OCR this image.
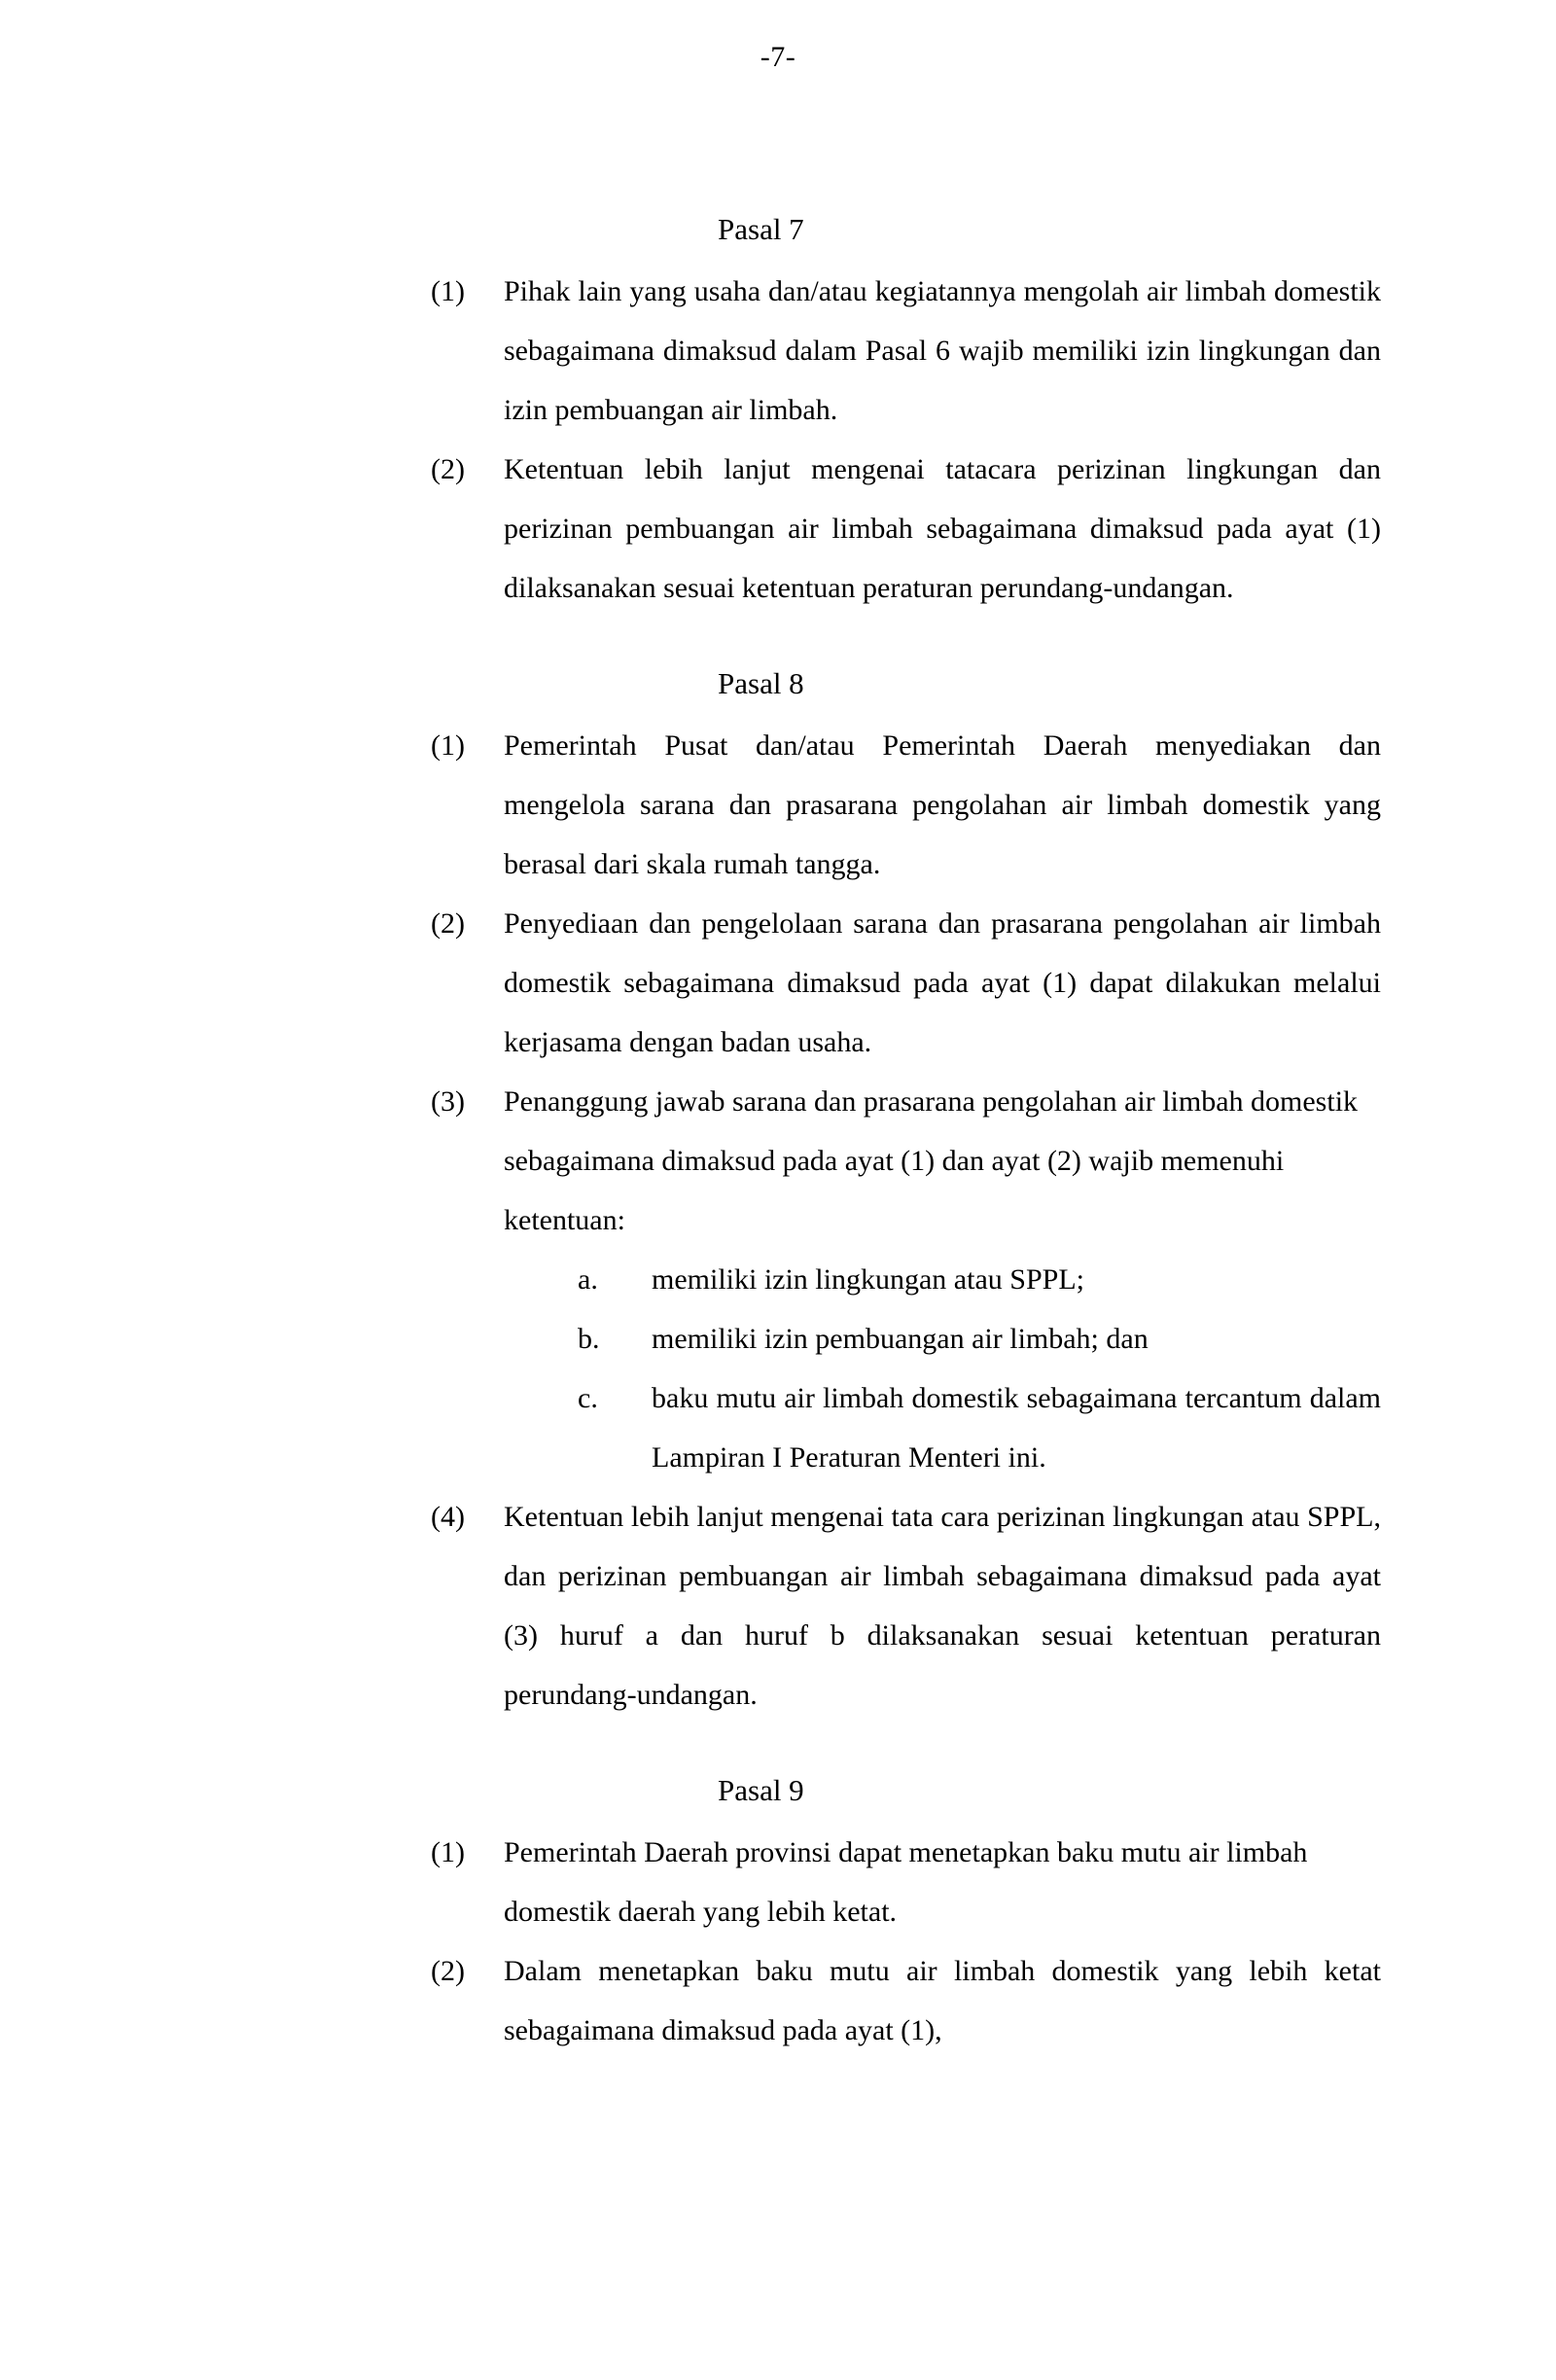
-7-
Pasal 7
(1)	Pihak lain yang usaha dan/atau kegiatannya mengolah air limbah domestik sebagaimana dimaksud dalam Pasal 6 wajib memiliki izin lingkungan dan izin pembuangan air limbah.
(2)	Ketentuan lebih lanjut mengenai tatacara perizinan lingkungan dan perizinan pembuangan air limbah sebagaimana dimaksud pada ayat (1) dilaksanakan sesuai ketentuan peraturan perundang-undangan.
Pasal 8
(1)	Pemerintah Pusat dan/atau Pemerintah Daerah menyediakan dan mengelola sarana dan prasarana pengolahan air limbah domestik yang berasal dari skala rumah tangga.
(2)	Penyediaan dan pengelolaan sarana dan prasarana pengolahan air limbah domestik sebagaimana dimaksud pada ayat (1) dapat dilakukan melalui kerjasama dengan badan usaha.
(3)	Penanggung jawab sarana dan prasarana pengolahan air limbah domestik sebagaimana dimaksud pada ayat (1) dan ayat (2) wajib memenuhi ketentuan:
a.	memiliki izin lingkungan atau SPPL;
b.	memiliki izin pembuangan air limbah; dan
c.	baku mutu air limbah domestik sebagaimana tercantum dalam Lampiran I Peraturan Menteri ini.
(4)	Ketentuan lebih lanjut mengenai tata cara perizinan lingkungan atau SPPL, dan perizinan pembuangan air limbah sebagaimana dimaksud pada ayat (3) huruf a dan huruf b dilaksanakan sesuai ketentuan peraturan perundang-undangan.
Pasal 9
(1)	Pemerintah Daerah provinsi dapat menetapkan baku mutu air limbah domestik daerah yang lebih ketat.
(2)	Dalam menetapkan baku mutu air limbah domestik yang lebih ketat sebagaimana dimaksud pada ayat (1),
